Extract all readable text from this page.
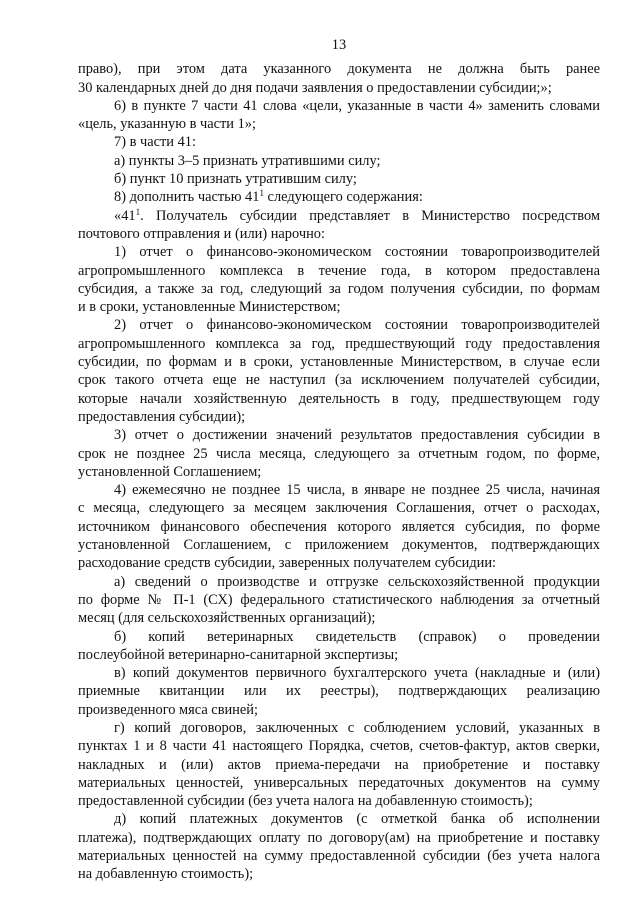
13
право), при этом дата указанного документа не должна быть ранее
30 календарных дней до дня подачи заявления о предоставлении субсидии;»;
6) в пункте 7 части 41 слова «цели, указанные в части 4» заменить словами
«цель, указанную в части 1»;
7) в части 41:
а) пункты 3–5 признать утратившими силу;
б) пункт 10 признать утратившим силу;
8) дополнить частью $41^1$ следующего содержания:
«$41^1$. Получатель субсидии представляет в Министерство посредством
почтового отправления и (или) нарочно:
1) отчет о финансово-экономическом состоянии товаропроизводителей
агропромышленного комплекса в течение года, в котором предоставлена
субсидия, а также за год, следующий за годом получения субсидии, по формам
и в сроки, установленные Министерством;
2) отчет о финансово-экономическом состоянии товаропроизводителей
агропромышленного комплекса за год, предшествующий году предоставления
субсидии, по формам и в сроки, установленные Министерством, в случае если
срок такого отчета еще не наступил (за исключением получателей субсидии,
которые начали хозяйственную деятельность в году, предшествующем году
предоставления субсидии);
3) отчет о достижении значений результатов предоставления субсидии в
срок не позднее 25 числа месяца, следующего за отчетным годом, по форме,
установленной Соглашением;
4) ежемесячно не позднее 15 числа, в январе не позднее 25 числа, начиная
с месяца, следующего за месяцем заключения Соглашения, отчет о расходах,
источником финансового обеспечения которого является субсидия, по форме
установленной Соглашением, с приложением документов, подтверждающих
расходование средств субсидии, заверенных получателем субсидии:
а) сведений о производстве и отгрузке сельскохозяйственной продукции
по форме № П-1 (СХ) федерального статистического наблюдения за отчетный
месяц (для сельскохозяйственных организаций);
б) копий ветеринарных свидетельств (справок) о проведении
послеубойной ветеринарно-санитарной экспертизы;
в) копий документов первичного бухгалтерского учета (накладные и (или)
приемные квитанции или их реестры), подтверждающих реализацию
произведенного мяса свиней;
г) копий договоров, заключенных с соблюдением условий, указанных в
пунктах 1 и 8 части 41 настоящего Порядка, счетов, счетов-фактур, актов сверки,
накладных и (или) актов приема-передачи на приобретение и поставку
материальных ценностей, универсальных передаточных документов на сумму
предоставленной субсидии (без учета налога на добавленную стоимость);
д) копий платежных документов (с отметкой банка об исполнении
платежа), подтверждающих оплату по договору(ам) на приобретение и поставку
материальных ценностей на сумму предоставленной субсидии (без учета налога
на добавленную стоимость);
